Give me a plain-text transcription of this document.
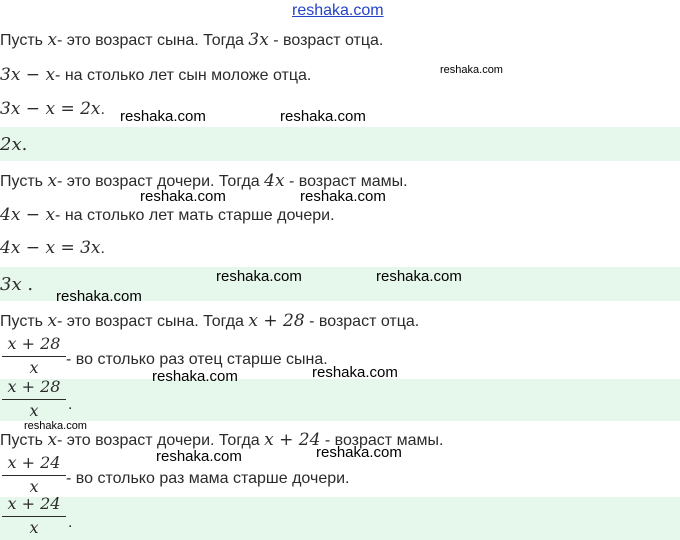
reshaka.com
Пусть x- это возраст сына. Тогда 3x - возраст отца.
3x − x- на столько лет сын моложе отца.
3x − x = 2x.
2x.
Пусть x- это возраст дочери. Тогда 4x - возраст мамы.
4x − x- на столько лет мать старше дочери.
4x − x = 3x.
3x .
Пусть x- это возраст сына. Тогда x + 28 - возраст отца.
x + 28
x	- во столько раз отец старше сына.
x + 28
x	.
Пусть x- это возраст дочери. Тогда x + 24 - возраст мамы.
x + 24
x	- во столько раз мама старше дочери.
x + 24
x	.
reshaka.com
reshaka.com	reshaka.com
reshaka.com	reshaka.com
reshaka.com	reshaka.com
reshaka.com
reshaka.com	reshaka.com
reshaka.com
reshaka.com	reshaka.com
